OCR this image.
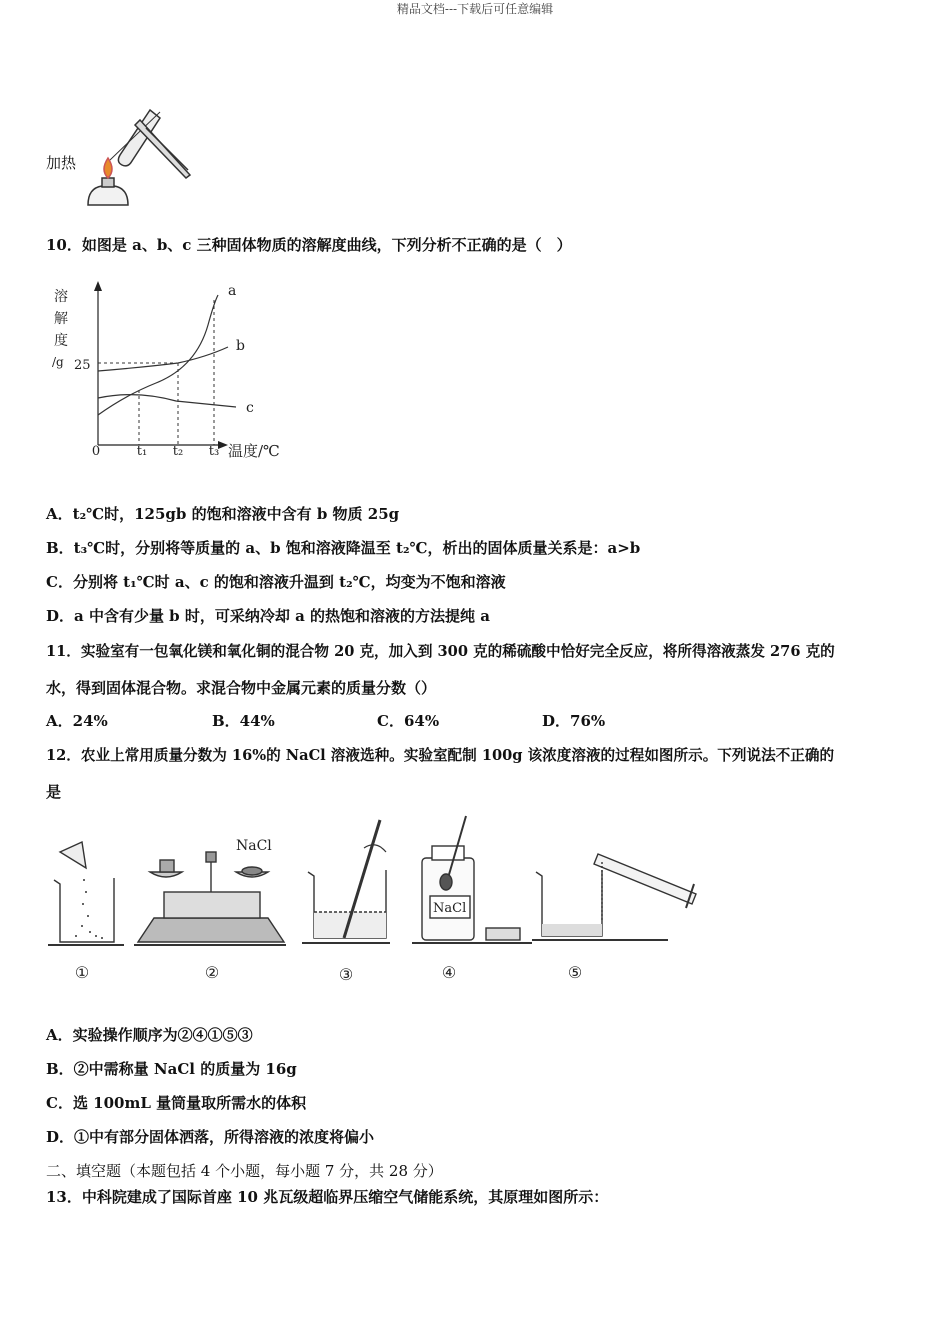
精品文档---下载后可任意编辑
加热
10．如图是 a、b、c 三种固体物质的溶解度曲线，下列分析不正确的是（　）
溶
解
度
/g
a
b
c
25
0	t₁ t₂ t₃ 温度/℃
A．t₂℃时，125gb 的饱和溶液中含有 b 物质 25g
B．t₃℃时，分别将等质量的 a、b 饱和溶液降温至 t₂℃，析出的固体质量关系是：a>b
C．分别将 t₁℃时 a、c 的饱和溶液升温到 t₂℃，均变为不饱和溶液
D．a 中含有少量 b 时，可采纳冷却 a 的热饱和溶液的方法提纯 a
11．实验室有一包氧化镁和氧化铜的混合物 20 克，加入到 300 克的稀硫酸中恰好完全反应，将所得溶液蒸发 276 克的
水，得到固体混合物。求混合物中金属元素的质量分数（）
A．24%	B．44%	C．64%	D．76%
12．农业上常用质量分数为 16%的 NaCl 溶液选种。实验室配制 100g 该浓度溶液的过程如图所示。下列说法不正确的
是
NaCl
NaCl
①	②	③	④	⑤
A．实验操作顺序为②④①⑤③
B．②中需称量 NaCl 的质量为 16g
C．选 100mL 量筒量取所需水的体积
D．①中有部分固体洒落，所得溶液的浓度将偏小
二、填空题（本题包括 4 个小题，每小题 7 分，共 28 分）
13．中科院建成了国际首座 10 兆瓦级超临界压缩空气储能系统，其原理如图所示：
